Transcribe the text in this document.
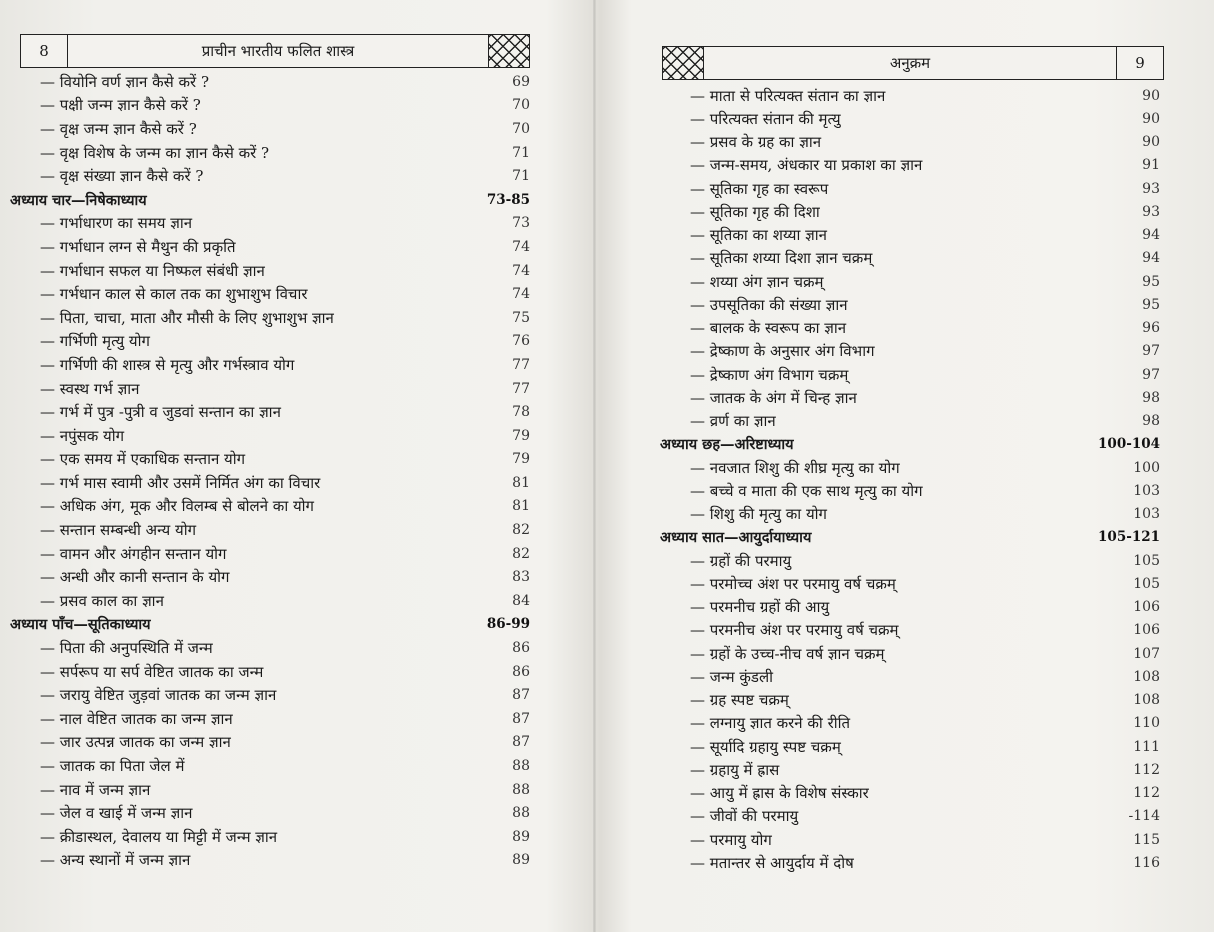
8	प्राचीन भारतीय फलित शास्त्र
— वियोनि वर्ण ज्ञान कैसे करें ?	69
— पक्षी जन्म ज्ञान कैसे करें ?	70
— वृक्ष जन्म ज्ञान कैसे करें ?	70
— वृक्ष विशेष के जन्म का ज्ञान कैसे करें ?	71
— वृक्ष संख्या ज्ञान कैसे करें ?	71
अध्याय चार—निषेकाध्याय	73-85
— गर्भाधारण का समय ज्ञान	73
— गर्भाधान लग्न से मैथुन की प्रकृति	74
— गर्भाधान सफल या निष्फल संबंधी ज्ञान	74
— गर्भधान काल से काल तक का शुभाशुभ विचार	74
— पिता, चाचा, माता और मौसी के लिए शुभाशुभ ज्ञान	75
— गर्भिणी मृत्यु योग	76
— गर्भिणी की शास्त्र से मृत्यु और गर्भस्त्राव योग	77
— स्वस्थ गर्भ ज्ञान	77
— गर्भ में पुत्र -पुत्री व जुडवां सन्तान का ज्ञान	78
— नपुंसक योग	79
— एक समय में एकाधिक सन्तान योग	79
— गर्भ मास स्वामी और उसमें निर्मित अंग का विचार	81
— अधिक अंग, मूक और विलम्ब से बोलने का योग	81
— सन्तान सम्बन्धी अन्य योग	82
— वामन और अंगहीन सन्तान योग	82
— अन्धी और कानी सन्तान के योग	83
— प्रसव काल का ज्ञान	84
अध्याय पाँच—सूतिकाध्याय	86-99
— पिता की अनुपस्थिति में जन्म	86
— सर्परूप या सर्प वेष्टित जातक का जन्म	86
— जरायु वेष्टित जुड़वां जातक का जन्म ज्ञान	87
— नाल वेष्टित जातक का जन्म ज्ञान	87
— जार उत्पन्न जातक का जन्म ज्ञान	87
— जातक का पिता जेल में	88
— नाव में जन्म ज्ञान	88
— जेल व खाई में जन्म ज्ञान	88
— क्रीडास्थल, देवालय या मिट्टी में जन्म ज्ञान	89
— अन्य स्थानों में जन्म ज्ञान	89
अनुक्रम	9
— माता से परित्यक्त संतान का ज्ञान	90
— परित्यक्त संतान की मृत्यु	90
— प्रसव के ग्रह का ज्ञान	90
— जन्म-समय, अंधकार या प्रकाश का ज्ञान	91
— सूतिका गृह का स्वरूप	93
— सूतिका गृह की दिशा	93
— सूतिका का शय्या ज्ञान	94
— सूतिका शय्या दिशा ज्ञान चक्रम्	94
— शय्या अंग ज्ञान चक्रम्	95
— उपसूतिका की संख्या ज्ञान	95
— बालक के स्वरूप का ज्ञान	96
— द्रेष्काण के अनुसार अंग विभाग	97
— द्रेष्काण अंग विभाग चक्रम्	97
— जातक के अंग में चिन्ह ज्ञान	98
— व्रर्ण का ज्ञान	98
अध्याय छह—अरिष्टाध्याय	100-104
— नवजात शिशु की शीघ्र मृत्यु का योग	100
— बच्चे व माता की एक साथ मृत्यु का योग	103
— शिशु की मृत्यु का योग	103
अध्याय सात—आयुर्दायाध्याय	105-121
— ग्रहों की परमायु	105
— परमोच्च अंश पर परमायु वर्ष चक्रम्	105
— परमनीच ग्रहों की आयु	106
— परमनीच अंश पर परमायु वर्ष चक्रम्	106
— ग्रहों के उच्च-नीच वर्ष ज्ञान चक्रम्	107
— जन्म कुंडली	108
— ग्रह स्पष्ट चक्रम्	108
— लग्नायु ज्ञात करने की रीति	110
— सूर्यादि ग्रहायु स्पष्ट चक्रम्	111
— ग्रहायु में ह्रास	112
— आयु में ह्रास के विशेष संस्कार	112
— जीवों की परमायु	-114
— परमायु योग	115
— मतान्तर से आयुर्दाय में दोष	116
